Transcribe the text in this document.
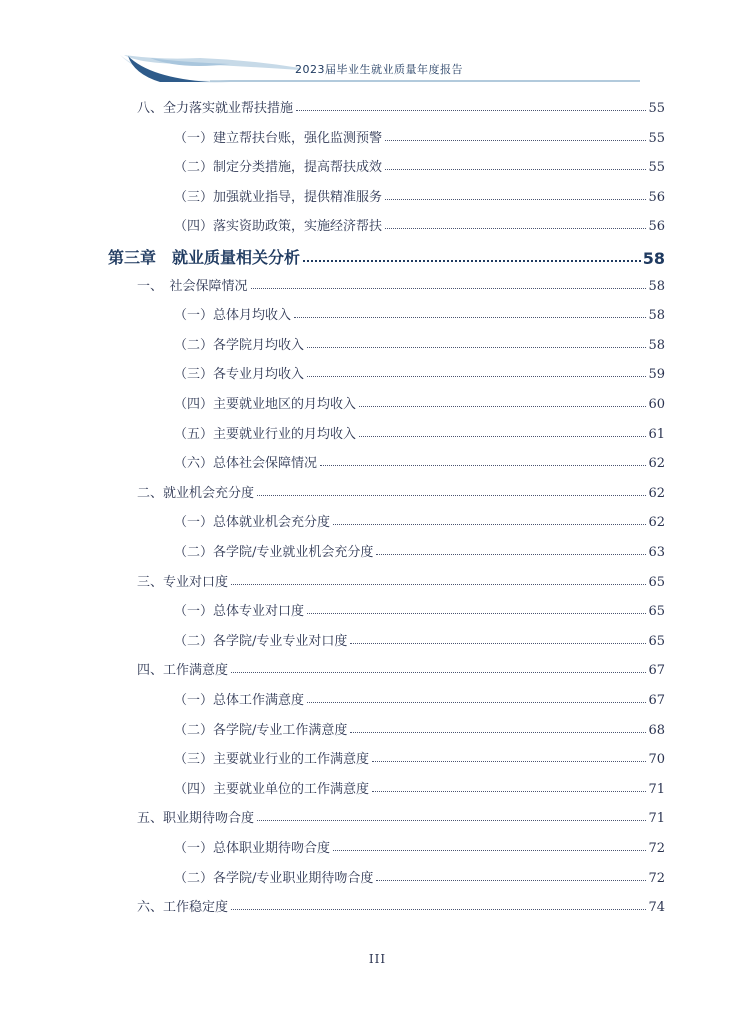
2023届毕业生就业质量年度报告
八、全力落实就业帮扶措施	55
（一）建立帮扶台账，强化监测预警	55
（二）制定分类措施，提高帮扶成效	55
（三）加强就业指导，提供精准服务	56
（四）落实资助政策，实施经济帮扶	56
第三章　就业质量相关分析	58
一、　社会保障情况	58
（一）总体月均收入	58
（二）各学院月均收入	58
（三）各专业月均收入	59
（四）主要就业地区的月均收入	60
（五）主要就业行业的月均收入	61
（六）总体社会保障情况	62
二、就业机会充分度	62
（一）总体就业机会充分度	62
（二）各学院/专业就业机会充分度	63
三、专业对口度	65
（一）总体专业对口度	65
（二）各学院/专业专业对口度	65
四、工作满意度	67
（一）总体工作满意度	67
（二）各学院/专业工作满意度	68
（三）主要就业行业的工作满意度	70
（四）主要就业单位的工作满意度	71
五、职业期待吻合度	71
（一）总体职业期待吻合度	72
（二）各学院/专业职业期待吻合度	72
六、工作稳定度	74
III
